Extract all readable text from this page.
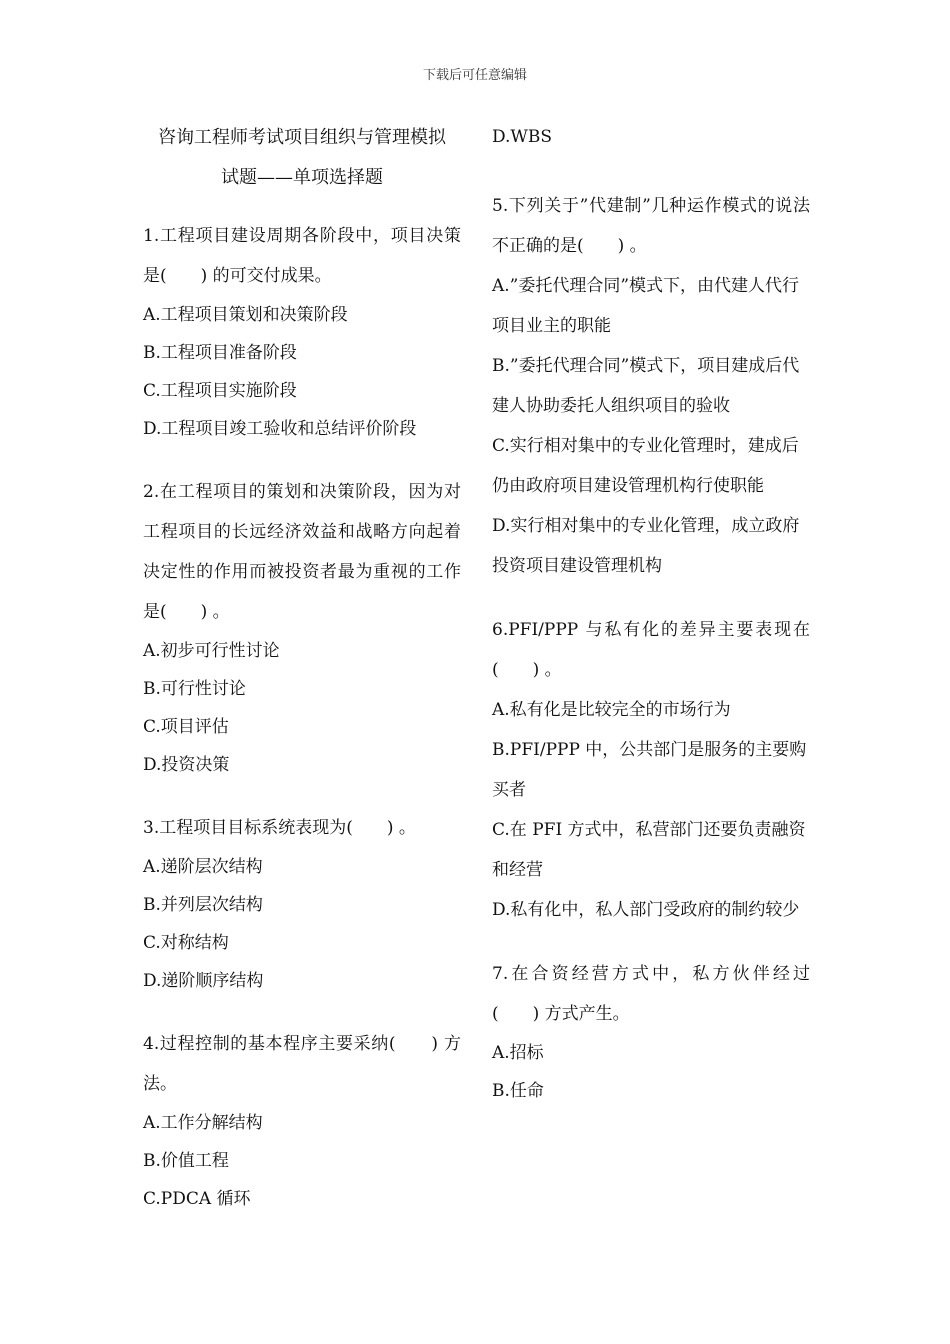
下载后可任意编辑
咨询工程师考试项目组织与管理模拟试题——单项选择题

1.工程项目建设周期各阶段中，项目决策是(　　) 的可交付成果。

A.工程项目策划和决策阶段

B.工程项目准备阶段

C.工程项目实施阶段

D.工程项目竣工验收和总结评价阶段

2.在工程项目的策划和决策阶段，因为对工程项目的长远经济效益和战略方向起着决定性的作用而被投资者最为重视的工作是(　　) 。

A.初步可行性讨论

B.可行性讨论

C.项目评估

D.投资决策

3.工程项目目标系统表现为(　　) 。

A.递阶层次结构

B.并列层次结构

C.对称结构

D.递阶顺序结构

4.过程控制的基本程序主要采纳(　　) 方法。

A.工作分解结构

B.价值工程

C.PDCA 循环

D.WBS

5.下列关于”代建制”几种运作模式的说法不正确的是(　　) 。

A.”委托代理合同”模式下，由代建人代行项目业主的职能

B.”委托代理合同”模式下，项目建成后代建人协助委托人组织项目的验收

C.实行相对集中的专业化管理时，建成后仍由政府项目建设管理机构行使职能

D.实行相对集中的专业化管理，成立政府投资项目建设管理机构

6.PFI/PPP 与私有化的差异主要表现在(　　) 。

A.私有化是比较完全的市场行为

B.PFI/PPP 中，公共部门是服务的主要购买者

C.在 PFI 方式中，私营部门还要负责融资和经营

D.私有化中，私人部门受政府的制约较少

7.在合资经营方式中，私方伙伴经过(　　) 方式产生。

A.招标

B.任命
